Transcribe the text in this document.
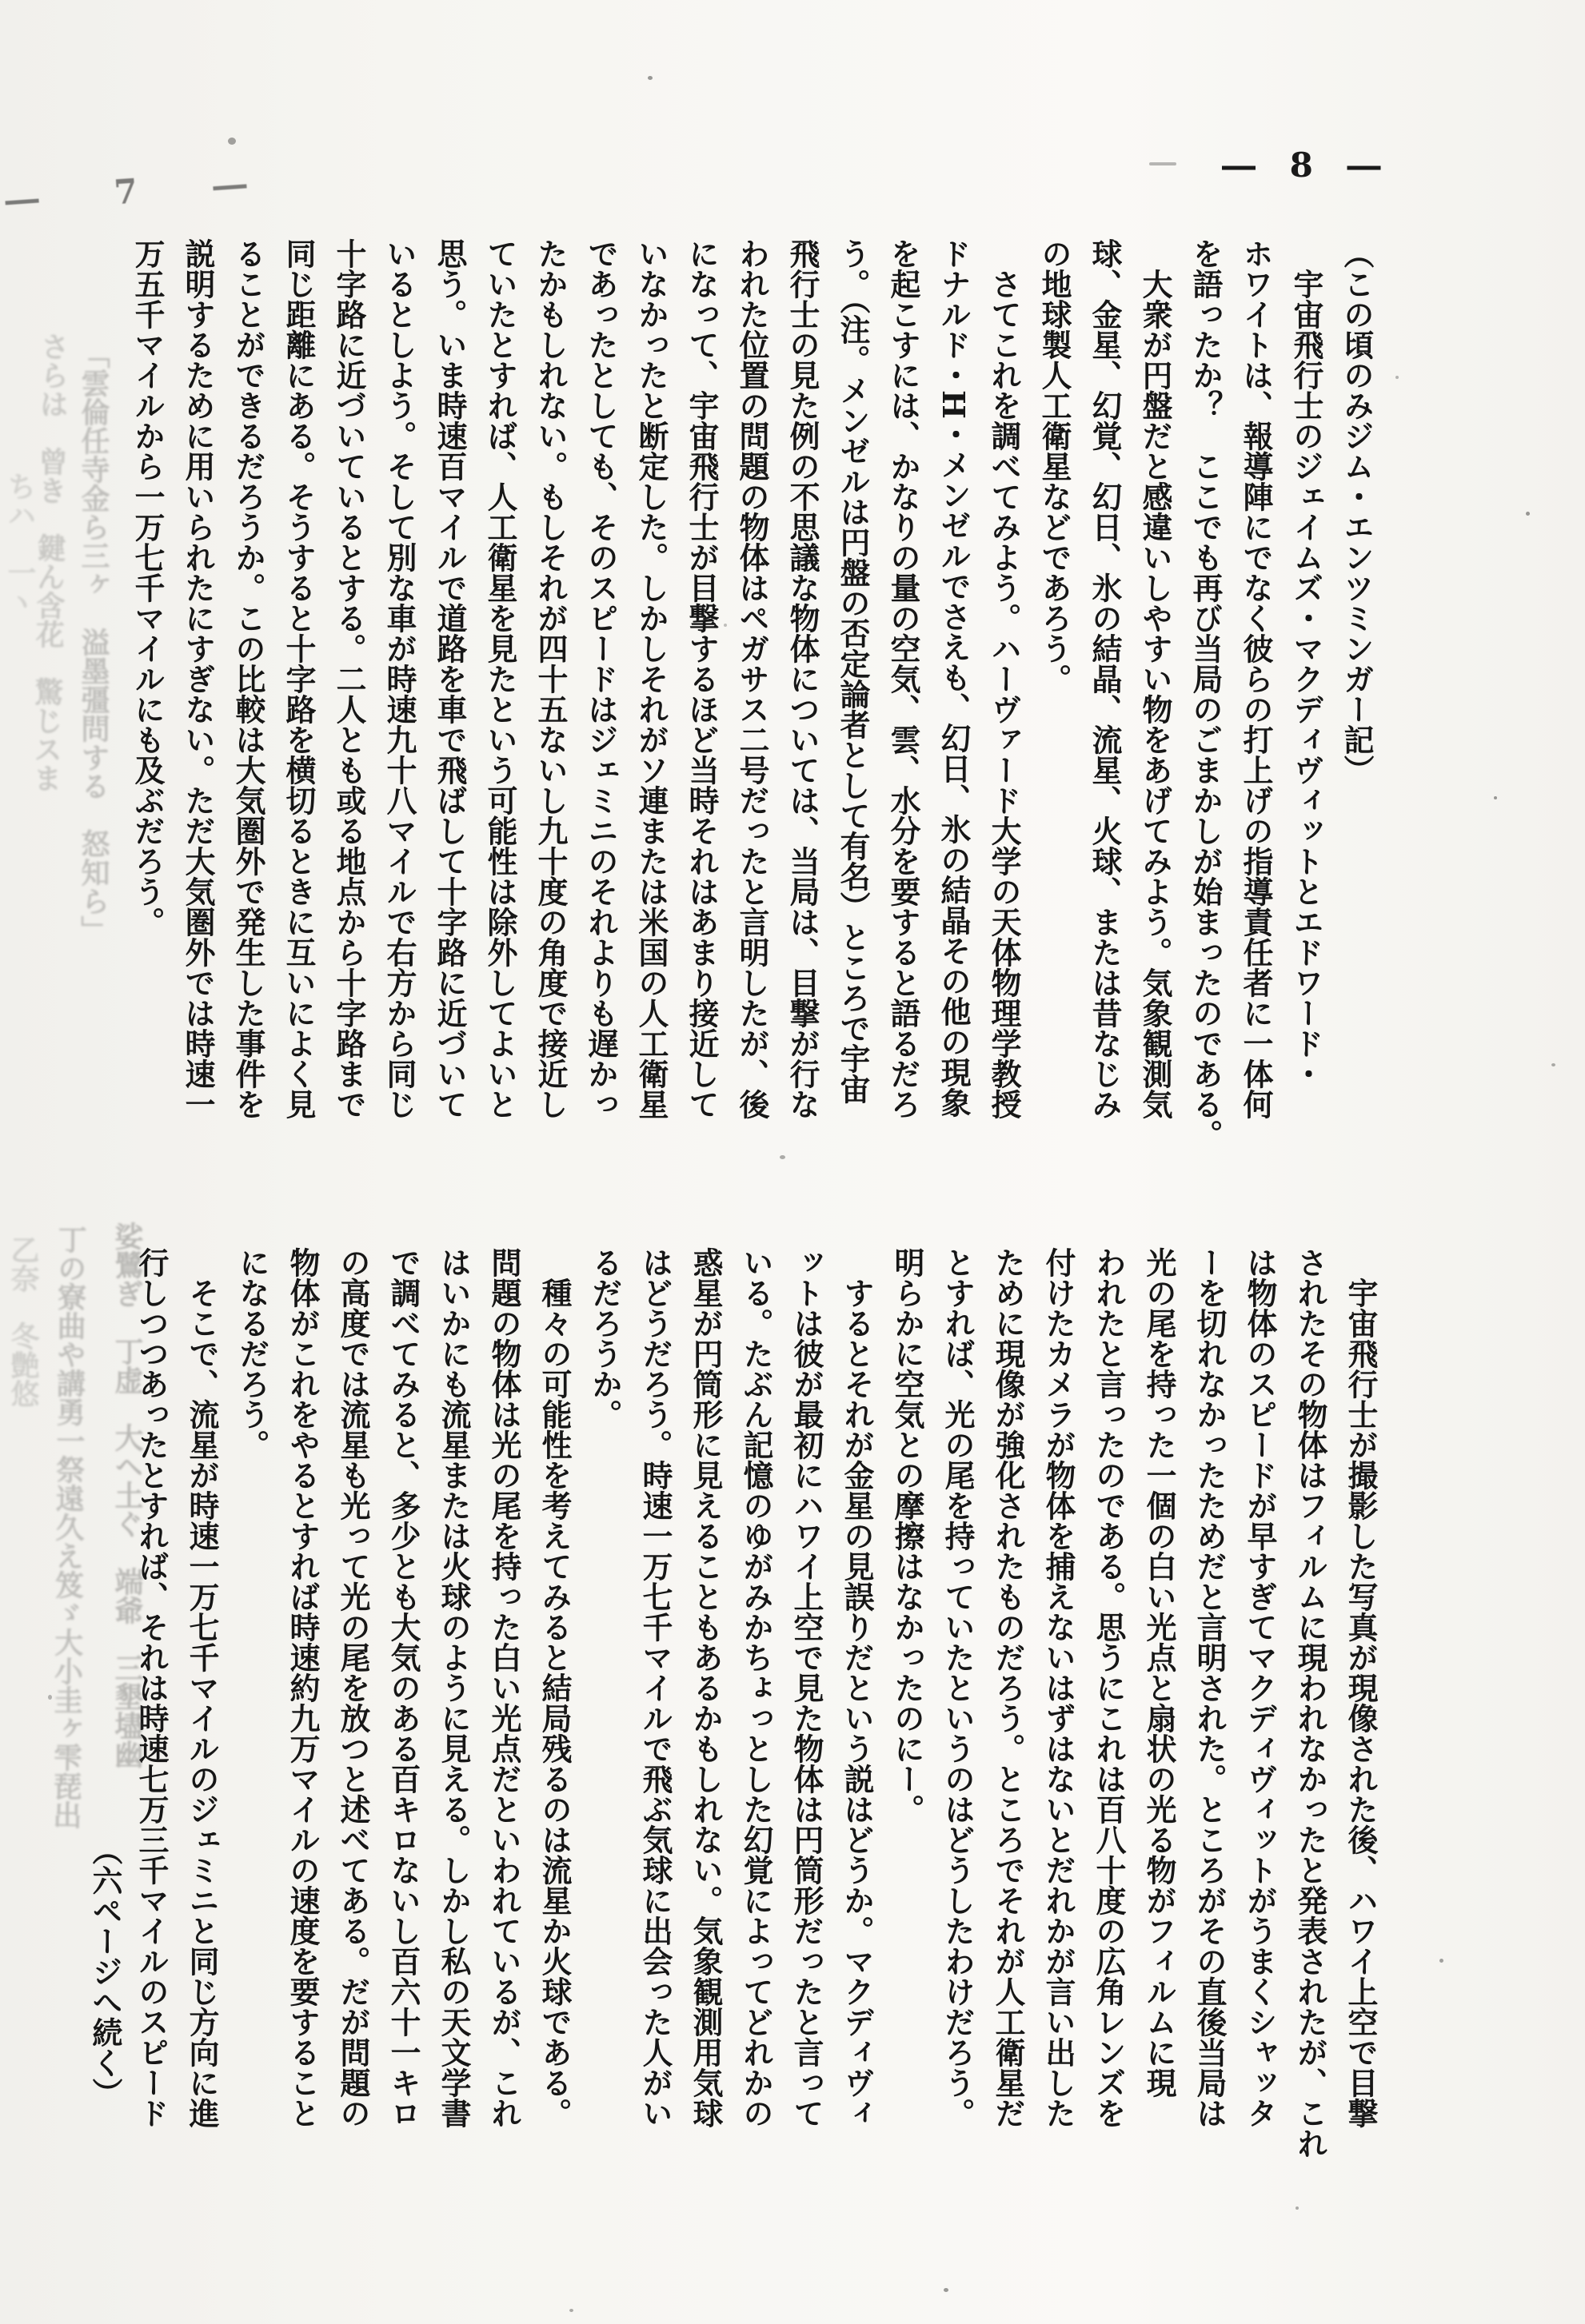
― 8 ―
― 7 ―
（この頃のみジム・エンツミンガー記）
　宇宙飛行士のジェイムズ・マクディヴィットとエドワード・
ホワイトは、報導陣にでなく彼らの打上げの指導責任者に一体何
を語ったか？　ここでも再び当局のごまかしが始まったのである。
　大衆が円盤だと感違いしやすい物をあげてみよう。気象観測気
球、金星、幻覚、幻日、氷の結晶、流星、火球、または昔なじみ
の地球製人工衛星などであろう。
　さてこれを調べてみよう。ハーヴァード大学の天体物理学教授
ドナルド・H・メンゼルでさえも、幻日、氷の結晶その他の現象
を起こすには、かなりの量の空気、雲、水分を要すると語るだろ
う。（注。メンゼルは円盤の否定論者として有名）ところで宇宙
飛行士の見た例の不思議な物体については、当局は、目撃が行な
われた位置の問題の物体はペガサス二号だったと言明したが、後
になって、宇宙飛行士が目撃するほど当時それはあまり接近して
いなかったと断定した。しかしそれがソ連または米国の人工衛星
であったとしても、そのスピードはジェミニのそれよりも遅かっ
たかもしれない。もしそれが四十五ないし九十度の角度で接近し
ていたとすれば、人工衛星を見たという可能性は除外してよいと
思う。いま時速百マイルで道路を車で飛ばして十字路に近づいて
いるとしよう。そして別な車が時速九十八マイルで右方から同じ
十字路に近づいているとする。二人とも或る地点から十字路まで
同じ距離にある。そうすると十字路を横切るときに互いによく見
ることができるだろうか。この比較は大気圏外で発生した事件を
説明するために用いられたにすぎない。ただ大気圏外では時速一
万五千マイルから一万七千マイルにも及ぶだろう。
　宇宙飛行士が撮影した写真が現像された後、ハワイ上空で目撃
されたその物体はフィルムに現われなかったと発表されたが、これ
は物体のスピードが早すぎてマクディヴィットがうまくシャッタ
ーを切れなかったためだと言明された。ところがその直後当局は
光の尾を持った一個の白い光点と扇状の光る物がフィルムに現
われたと言ったのである。思うにこれは百八十度の広角レンズを
付けたカメラが物体を捕えないはずはないとだれかが言い出した
ために現像が強化されたものだろう。ところでそれが人工衛星だ
とすれば、光の尾を持っていたというのはどうしたわけだろう。
明らかに空気との摩擦はなかったのにー。
　するとそれが金星の見誤りだという説はどうか。マクディヴィ
ットは彼が最初にハワイ上空で見た物体は円筒形だったと言って
いる。たぶん記憶のゆがみかちょっとした幻覚によってどれかの
惑星が円筒形に見えることもあるかもしれない。気象観測用気球
はどうだろう。時速一万七千マイルで飛ぶ気球に出会った人がい
るだろうか。
　種々の可能性を考えてみると結局残るのは流星か火球である。
問題の物体は光の尾を持った白い光点だといわれているが、これ
はいかにも流星または火球のように見える。しかし私の天文学書
で調べてみると、多少とも大気のある百キロないし百六十一キロ
の高度では流星も光って光の尾を放つと述べてある。だが問題の
物体がこれをやるとすれば時速約九万マイルの速度を要すること
になるだろう。
　そこで、流星が時速一万七千マイルのジェミニと同じ方向に進
行しつつあったとすれば、それは時速七万三千マイルのスピード
（六ページへ続く）
「雲倫任寺金ら三ヶ　溢墨彊問する　怒知ら」
さらは　曾き　鍵ん含花　驚じスま
ちハ　一ヽ
娑鷺ぎ　丁虚　大ヘ土ぐ　端爺　三墾壗幽
丁の寮曲や講勇一祭遠久え笈ゞ大小圭ヶ雫琵出
乙奈　冬艶悠
